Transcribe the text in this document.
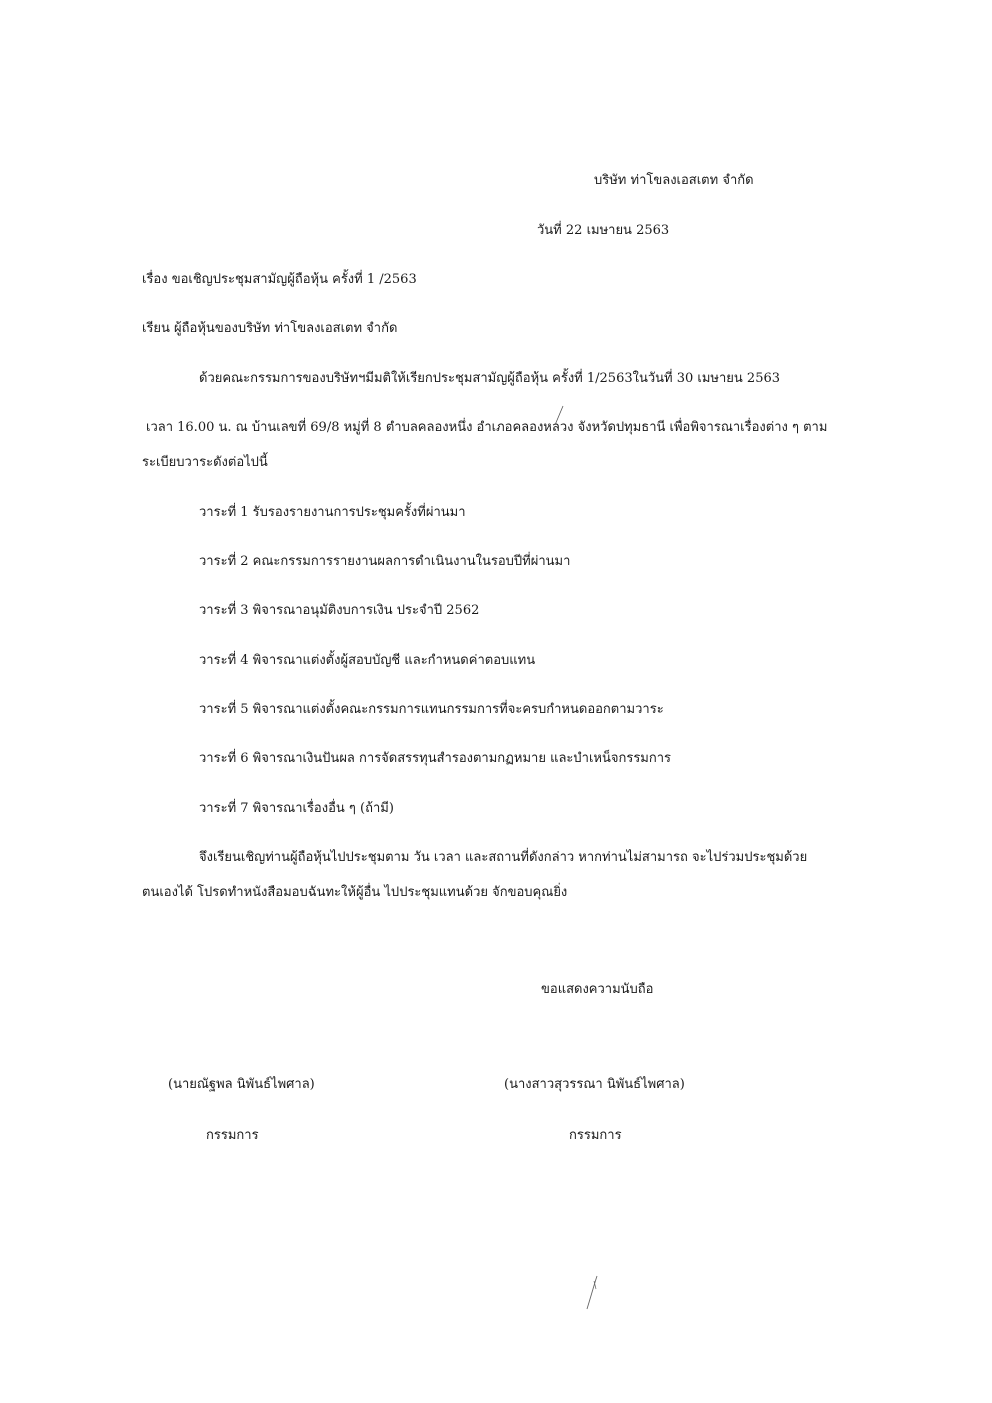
บริษัท ท่าโขลงเอสเตท จำกัด
วันที่ 22 เมษายน 2563
เรื่อง ขอเชิญประชุมสามัญผู้ถือหุ้น ครั้งที่ 1 /2563
เรียน ผู้ถือหุ้นของบริษัท ท่าโขลงเอสเตท จำกัด
ด้วยคณะกรรมการของบริษัทฯมีมติให้เรียกประชุมสามัญผู้ถือหุ้น ครั้งที่ 1/2563ในวันที่ 30 เมษายน 2563
เวลา 16.00 น. ณ บ้านเลขที่ 69/8 หมู่ที่ 8 ตำบลคลองหนึ่ง อำเภอคลองหลวง จังหวัดปทุมธานี เพื่อพิจารณาเรื่องต่าง ๆ ตาม
ระเบียบวาระดังต่อไปนี้
วาระที่ 1 รับรองรายงานการประชุมครั้งที่ผ่านมา
วาระที่ 2 คณะกรรมการรายงานผลการดำเนินงานในรอบปีที่ผ่านมา
วาระที่ 3 พิจารณาอนุมัติงบการเงิน ประจำปี 2562
วาระที่ 4 พิจารณาแต่งตั้งผู้สอบบัญชี และกำหนดค่าตอบแทน
วาระที่ 5 พิจารณาแต่งตั้งคณะกรรมการแทนกรรมการที่จะครบกำหนดออกตามวาระ
วาระที่ 6 พิจารณาเงินปันผล การจัดสรรทุนสำรองตามกฏหมาย และบำเหน็จกรรมการ
วาระที่ 7 พิจารณาเรื่องอื่น ๆ (ถ้ามี)
จึงเรียนเชิญท่านผู้ถือหุ้นไปประชุมตาม วัน เวลา และสถานที่ดังกล่าว หากท่านไม่สามารถ จะไปร่วมประชุมด้วย
ตนเองได้ โปรดทำหนังสือมอบฉันทะให้ผู้อื่น ไปประชุมแทนด้วย จักขอบคุณยิ่ง
ขอแสดงความนับถือ
(นายณัฐพล นิพันธ์ไพศาล)	(นางสาวสุวรรณา นิพันธ์ไพศาล)
กรรมการ	กรรมการ
